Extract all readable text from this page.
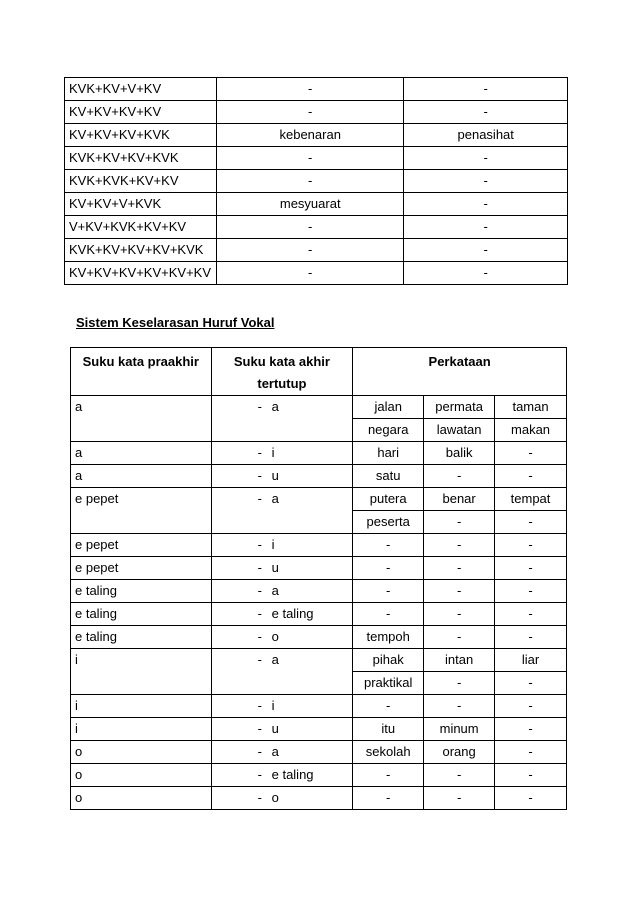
KVK+KV+V+KV	-	-
KV+KV+KV+KV	-	-
KV+KV+KV+KVK	kebenaran	penasihat
KVK+KV+KV+KVK	-	-
KVK+KVK+KV+KV	-	-
KV+KV+V+KVK	mesyuarat	-
V+KV+KVK+KV+KV	-	-
KVK+KV+KV+KV+KVK	-	-
KV+KV+KV+KV+KV+KV	-	-
Sistem Keselarasan Huruf Vokal
Suku kata praakhir	Suku kata akhir tertutup	Perkataan		
a	- a	jalan	permata	taman
		negara	lawatan	makan
a	- i	hari	balik	-
a	- u	satu	-	-
e pepet	- a	putera	benar	tempat
		peserta	-	-
e pepet	- i	-	-	-
e pepet	- u	-	-	-
e taling	- a	-	-	-
e taling	- e taling	-	-	-
e taling	- o	tempoh	-	-
i	- a	pihak	intan	liar
		praktikal	-	-
i	- i	-	-	-
i	- u	itu	minum	-
o	- a	sekolah	orang	-
o	- e taling	-	-	-
o	- o	-	-	-
